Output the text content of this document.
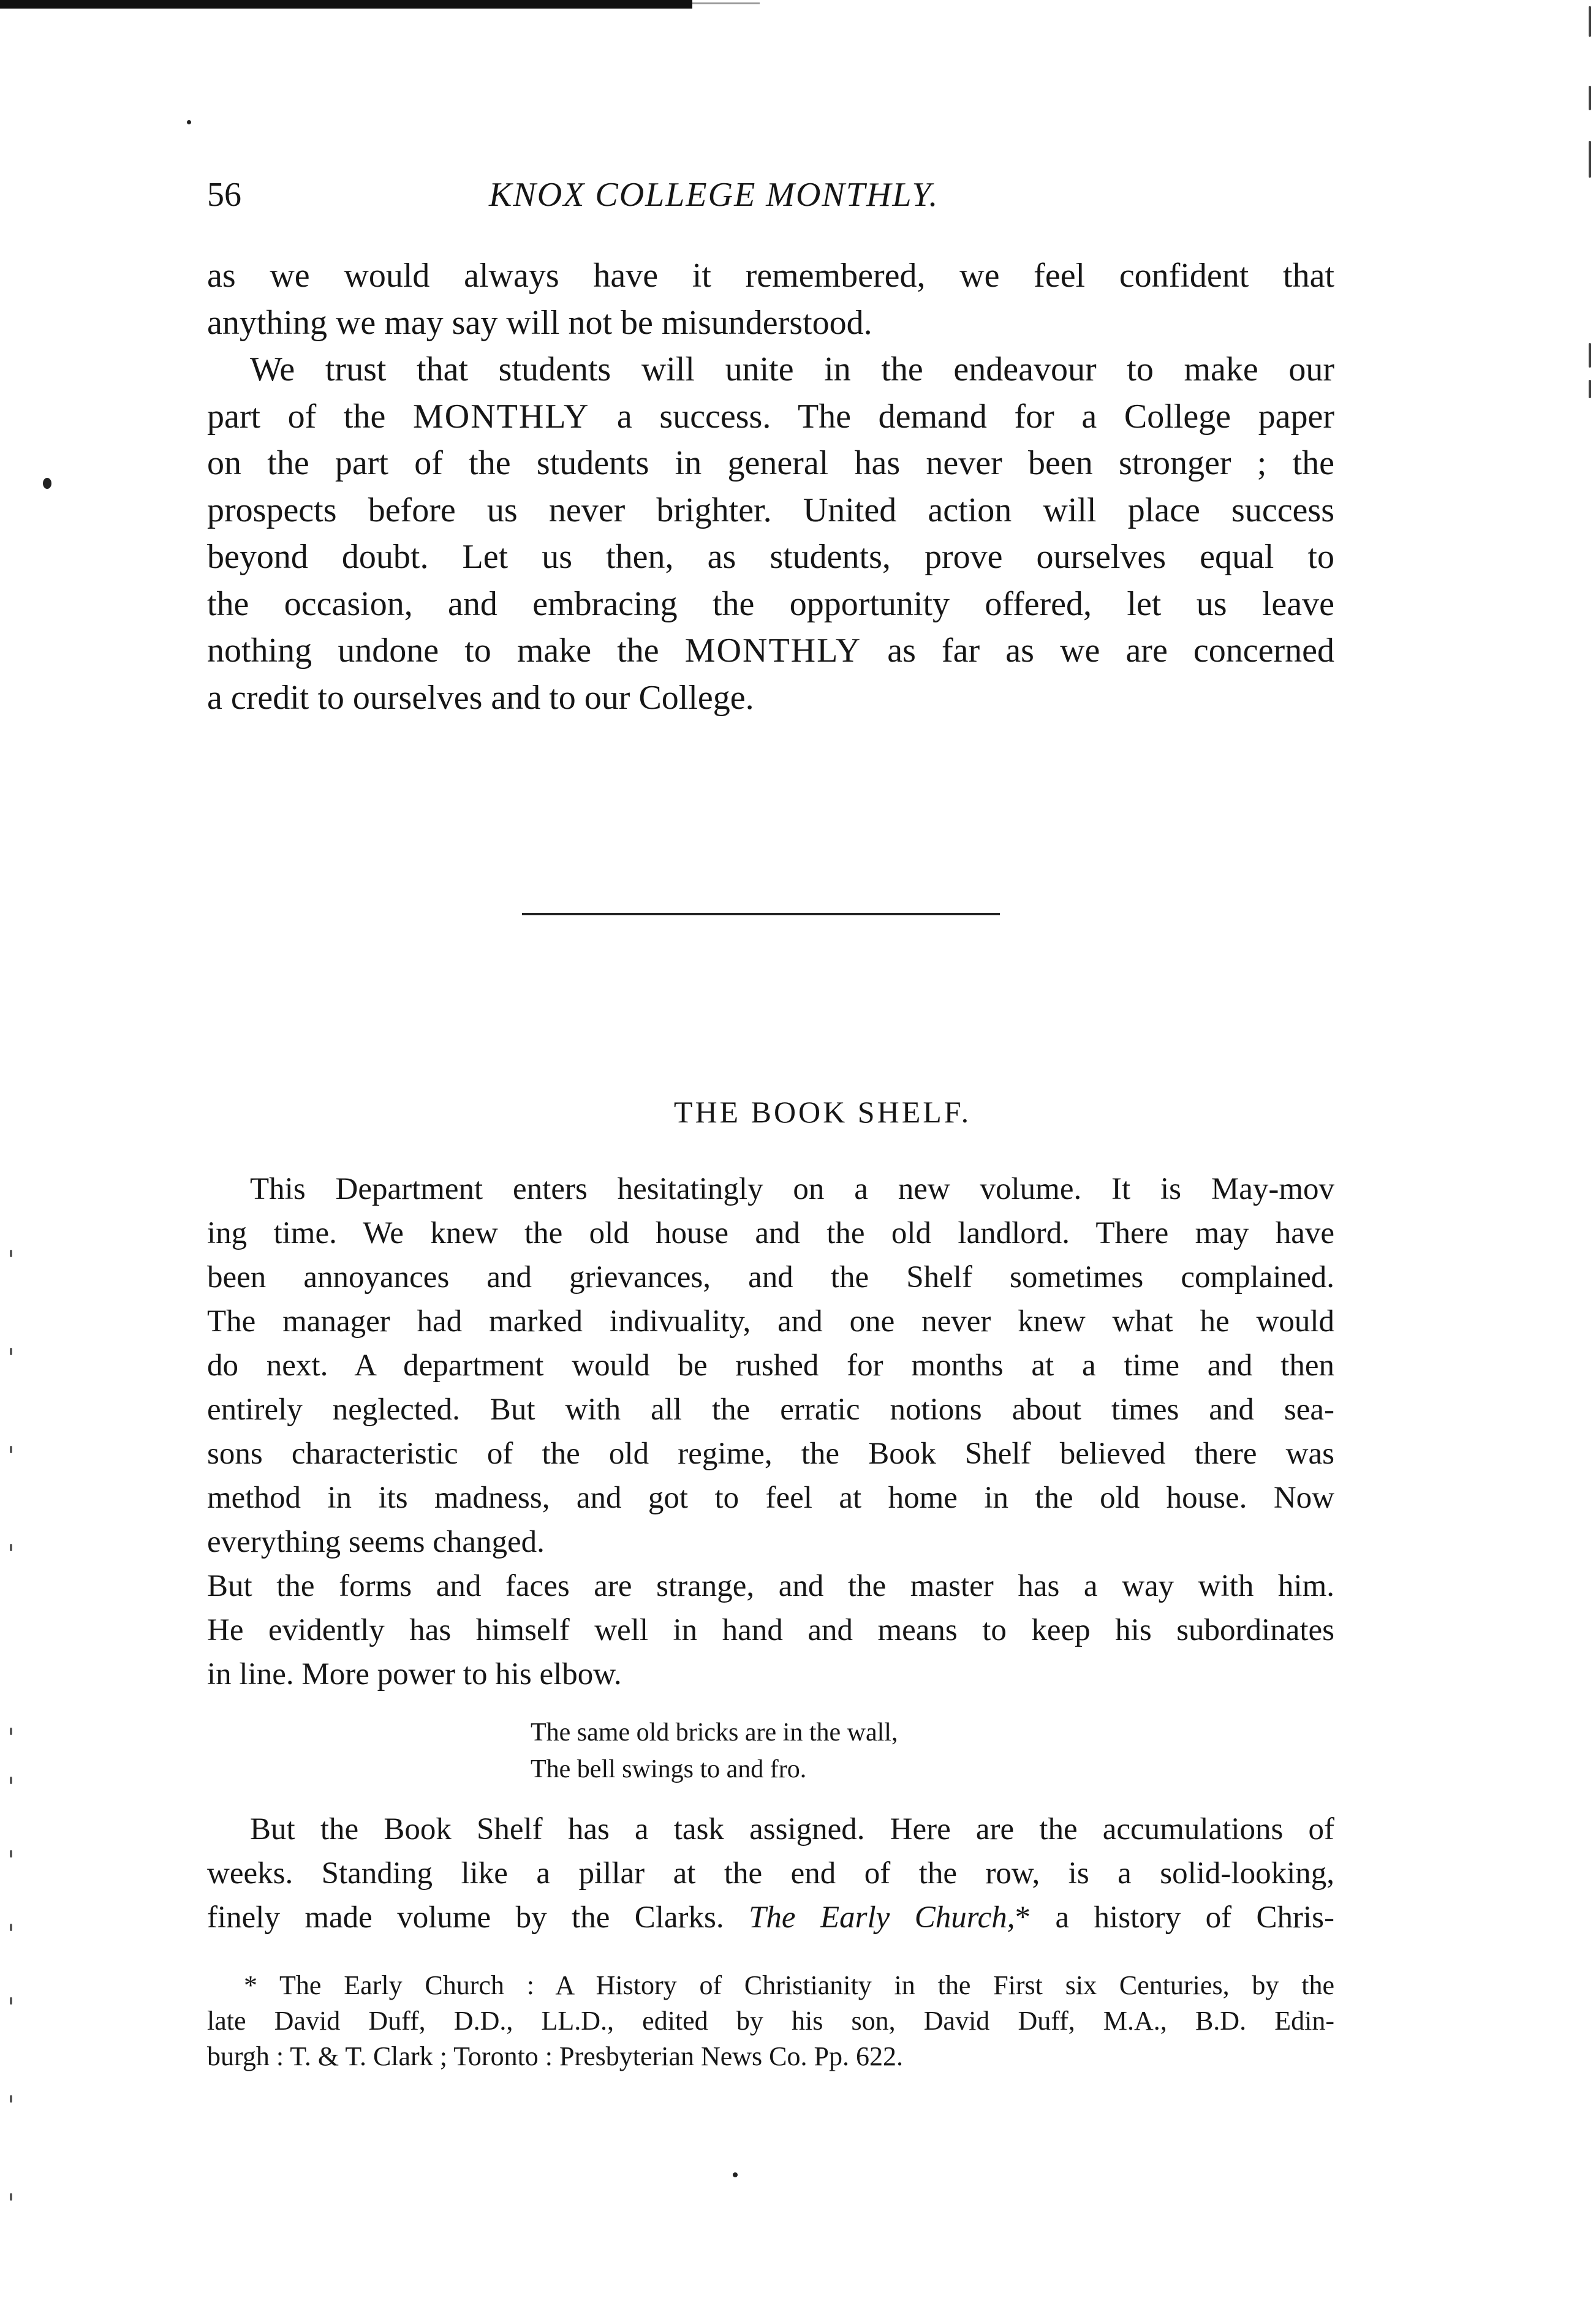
56	KNOX COLLEGE MONTHLY.
as we would always have it remembered, we feel confident that
anything we may say will not be misunderstood.
We trust that students will unite in the endeavour to make our
part of the MONTHLY a success. The demand for a College paper
on the part of the students in general has never been stronger ; the
prospects before us never brighter. United action will place success
beyond doubt. Let us then, as students, prove ourselves equal to
the occasion, and embracing the opportunity offered, let us leave
nothing undone to make the MONTHLY as far as we are concerned
a credit to ourselves and to our College.
THE BOOK SHELF.
This Department enters hesitatingly on a new volume. It is May-mov
ing time. We knew the old house and the old landlord. There may have
been annoyances and grievances, and the Shelf sometimes complained.
The manager had marked indivuality, and one never knew what he would
do next. A department would be rushed for months at a time and then
entirely neglected. But with all the erratic notions about times and sea-
sons characteristic of the old regime, the Book Shelf believed there was
method in its madness, and got to feel at home in the old house. Now
everything seems changed.
But the forms and faces are strange, and the master has a way with him.
He evidently has himself well in hand and means to keep his subordinates
in line. More power to his elbow.
The same old bricks are in the wall,
The bell swings to and fro.
But the Book Shelf has a task assigned. Here are the accumulations of
weeks. Standing like a pillar at the end of the row, is a solid-looking,
finely made volume by the Clarks. The Early Church,* a history of Chris-
* The Early Church : A History of Christianity in the First six Centuries, by the
late David Duff, D.D., LL.D., edited by his son, David Duff, M.A., B.D. Edin-
burgh : T. & T. Clark ; Toronto : Presbyterian News Co. Pp. 622.
